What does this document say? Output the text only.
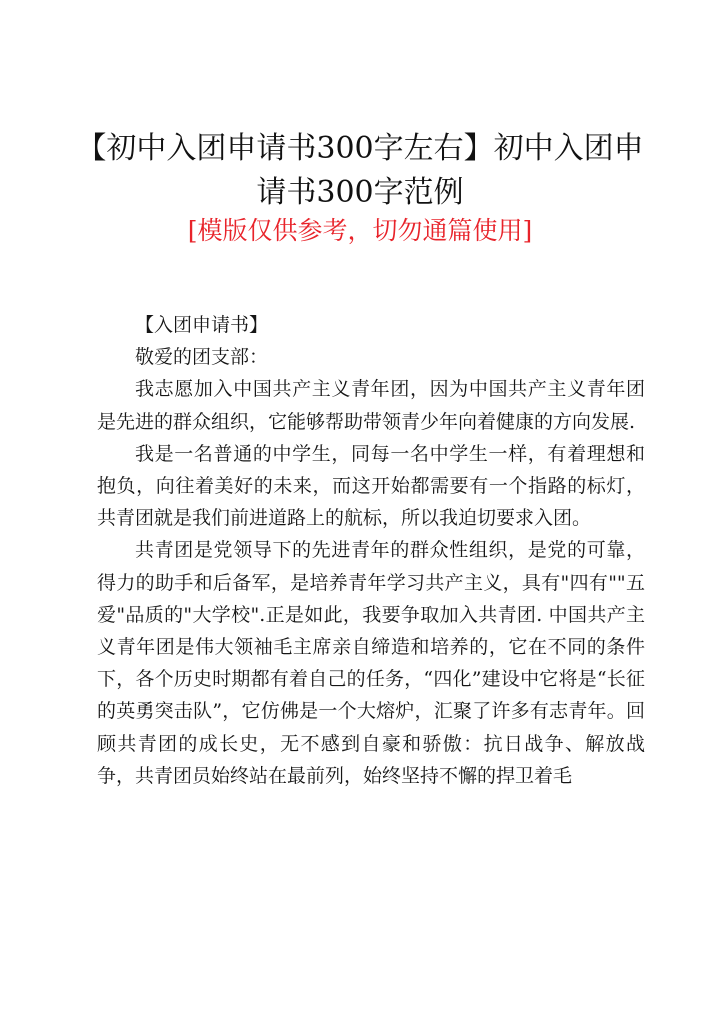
【初中入团申请书300字左右】初中入团申请书300字范例
[模版仅供参考，切勿通篇使用]

【入团申请书】

敬爱的团支部：

我志愿加入中国共产主义青年团，因为中国共产主义青年团是先进的群众组织，它能够帮助带领青少年向着健康的方向发展.

我是一名普通的中学生，同每一名中学生一样，有着理想和抱负，向往着美好的未来，而这开始都需要有一个指路的标灯，共青团就是我们前进道路上的航标，所以我迫切要求入团。

共青团是党领导下的先进青年的群众性组织，是党的可靠，得力的助手和后备军，是培养青年学习共产主义，具有"四有""五爱"品质的"大学校".正是如此，我要争取加入共青团. 中国共产主义青年团是伟大领袖毛主席亲自缔造和培养的，它在不同的条件下，各个历史时期都有着自己的任务，“四化”建设中它将是“长征的英勇突击队”，它仿佛是一个大熔炉，汇聚了许多有志青年。回顾共青团的成长史，无不感到自豪和骄傲：抗日战争、解放战争，共青团员始终站在最前列，始终坚持不懈的捍卫着毛
